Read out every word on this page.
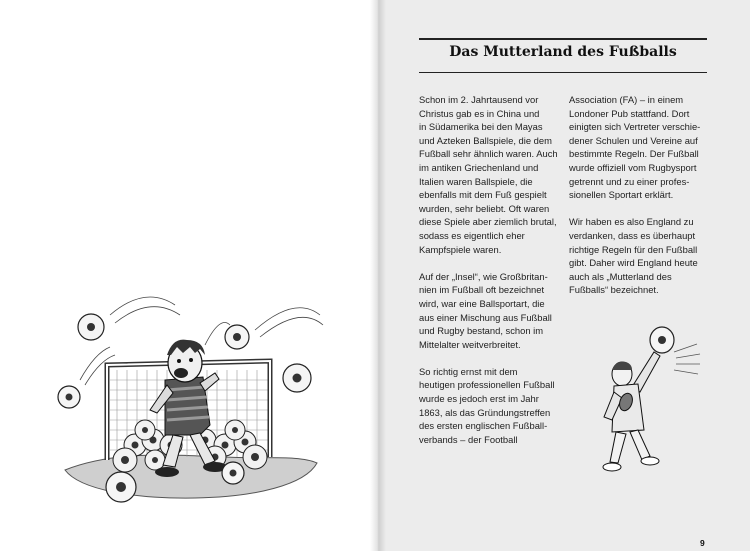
Das Mutterland des Fußballs

Schon im 2. Jahrtausend vor
Christus gab es in China und
in Südamerika bei den Mayas
und Azteken Ballspiele, die dem
Fußball sehr ähnlich waren. Auch
im antiken Griechenland und
Italien waren Ballspiele, die
ebenfalls mit dem Fuß gespielt
wurden, sehr beliebt. Oft waren
diese Spiele aber ziemlich brutal,
sodass es eigentlich eher
Kampfspiele waren.

Auf der „Insel“, wie Großbritan-
nien im Fußball oft bezeichnet
wird, war eine Ballsportart, die
aus einer Mischung aus Fußball
und Rugby bestand, schon im
Mittelalter weitverbreitet.

So richtig ernst mit dem
heutigen professionellen Fußball
wurde es jedoch erst im Jahr
1863, als das Gründungstreffen
des ersten englischen Fußball-
verbands – der Football

Association (FA) – in einem
Londoner Pub stattfand. Dort
einigten sich Vertreter verschie-
dener Schulen und Vereine auf
bestimmte Regeln. Der Fußball
wurde offiziell vom Rugbysport
getrennt und zu einer profes-
sionellen Sportart erklärt.

Wir haben es also England zu
verdanken, dass es überhaupt
richtige Regeln für den Fußball
gibt. Daher wird England heute
auch als „Mutterland des
Fußballs“ bezeichnet.

9
